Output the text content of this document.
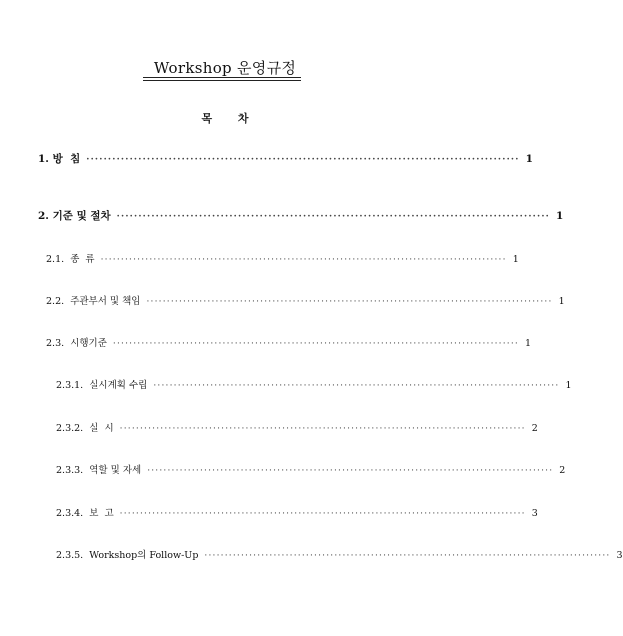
Workshop 운영규정
목 차
1. 방  침 ···································································································· 1
2. 기준 및 절차 ···································································································· 1
2.1. 종  류 ···································································································· 1
2.2. 주관부서 및 책임 ···································································································· 1
2.3. 시행기준 ···································································································· 1
2.3.1. 실시계획 수립 ···································································································· 1
2.3.2. 실  시 ···································································································· 2
2.3.3. 역할 및 자세 ···································································································· 2
2.3.4. 보  고 ···································································································· 3
2.3.5. Workshop의 Follow-Up ···································································································· 3
